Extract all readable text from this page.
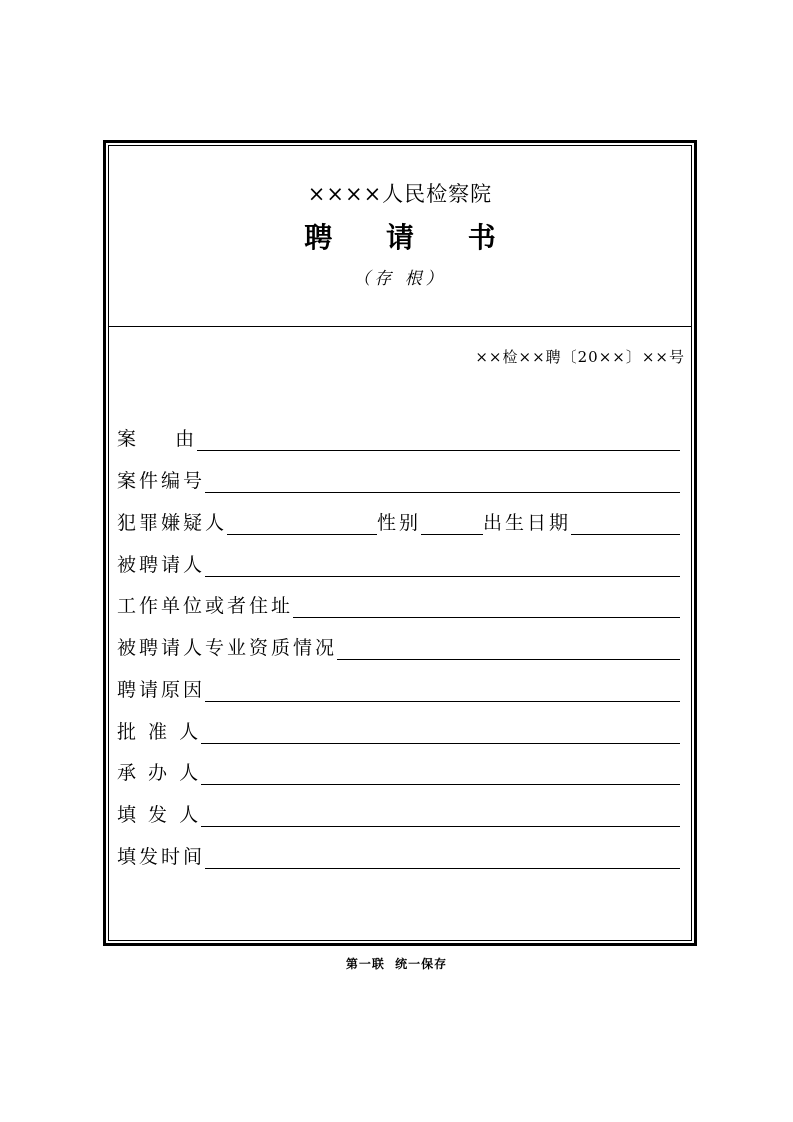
××××人民检察院
聘 请 书
（存 根）
××检××聘〔20××〕××号
案    由
案件编号
犯罪嫌疑人	性别	出生日期
被聘请人
工作单位或者住址
被聘请人专业资质情况
聘请原因
批 准 人
承 办 人
填 发 人
填发时间
第一联  统一保存
